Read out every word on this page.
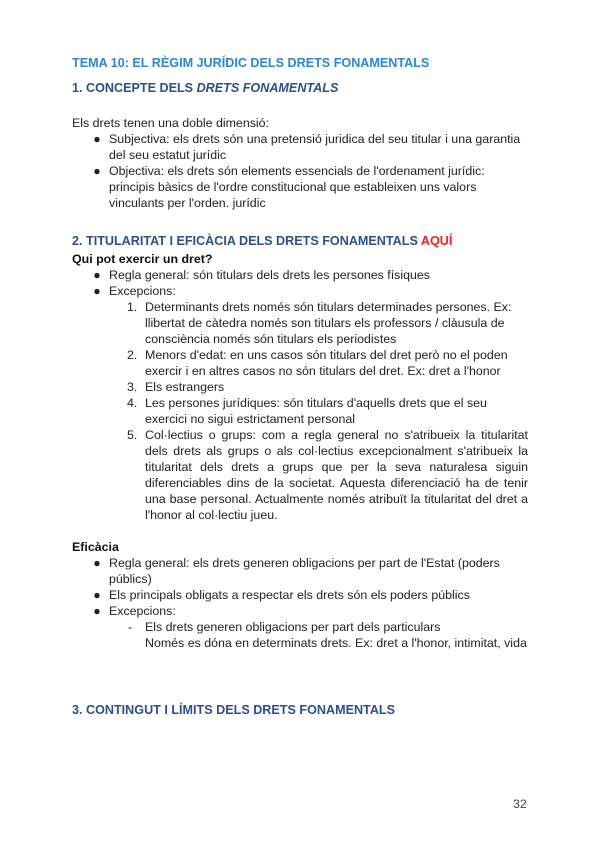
TEMA 10: EL RÈGIM JURÍDIC DELS DRETS FONAMENTALS
1. CONCEPTE DELS DRETS FONAMENTALS
Els drets tenen una doble dimensió:
● Subjectiva: els drets són una pretensió juridica del seu titular i una garantia del seu estatut jurídic
● Objectiva: els drets són elements essencials de l'ordenament jurídic: principis bàsics de l'ordre constitucional que estableixen uns valors vinculants per l'orden. jurídic
2. TITULARITAT I EFICÀCIA DELS DRETS FONAMENTALS AQUÍ
Qui pot exercir un dret?
● Regla general: són titulars dels drets les persones físiques
● Excepcions:
1. Determinants drets només són titulars determinades persones. Ex: llibertat de càtedra només son titulars els professors / clàusula de consciència només són titulars els periodistes
2. Menors d'edat: en uns casos són titulars del dret però no el poden exercir i en altres casos no són titulars del dret. Ex: dret a l'honor
3. Els estrangers
4. Les persones jurídiques: són titulars d'aquells drets que el seu exercici no sigui estrictament personal
5. Col·lectius o grups: com a regla general no s'atribueix la titularitat dels drets als grups o als col·lectius excepcionalment s'atribueix la titularitat dels drets a grups que per la seva naturalesa siguin diferenciables dins de la societat. Aquesta diferenciació ha de tenir una base personal. Actualmente només atribuït la titularitat del dret a l'honor al col·lectiu jueu.
Eficàcia
● Regla general: els drets generen obligacions per part de l'Estat (poders públics)
● Els principals obligats a respectar els drets són els poders públics
● Excepcions:
- Els drets generen obligacions per part dels particulars
Només es dóna en determinats drets. Ex: dret a l'honor, intimitat, vida
3. CONTINGUT I LÍMITS DELS DRETS FONAMENTALS
32
